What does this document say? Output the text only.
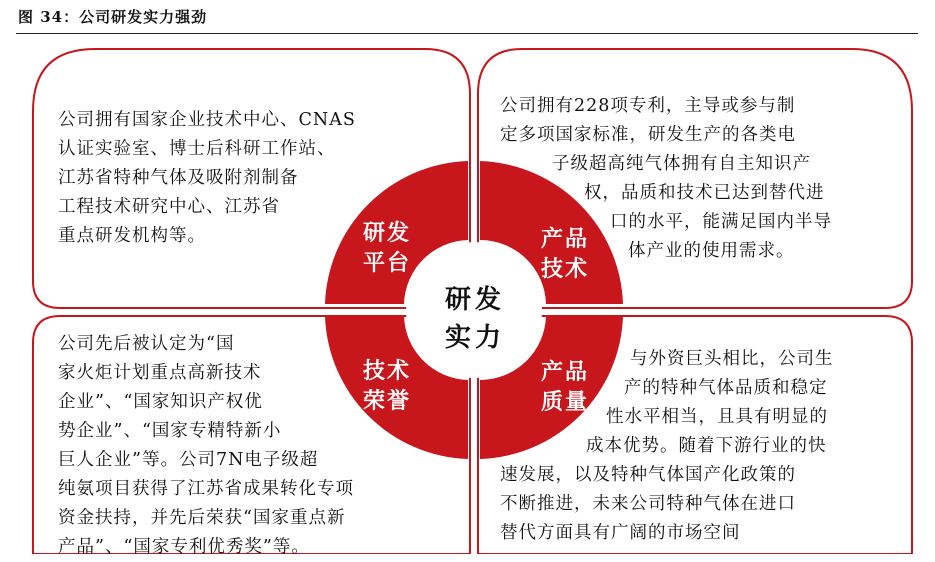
图 34：公司研发实力强劲
公司拥有国家企业技术中心、CNAS
认证实验室、博士后科研工作站、
江苏省特种气体及吸附剂制备
工程技术研究中心、江苏省
重点研发机构等。
公司拥有228项专利，主导或参与制
定多项国家标准，研发生产的各类电
子级超高纯气体拥有自主知识产
权，品质和技术已达到替代进
口的水平，能满足国内半导
体产业的使用需求。
公司先后被认定为“国
家火炬计划重点高新技术
企业”、“国家知识产权优
势企业”、“国家专精特新小
巨人企业”等。公司7N电子级超
纯氨项目获得了江苏省成果转化专项
资金扶持，并先后荣获“国家重点新
产品”、“国家专利优秀奖”等。
与外资巨头相比，公司生
产的特种气体品质和稳定
性水平相当，且具有明显的
成本优势。随着下游行业的快
速发展，以及特种气体国产化政策的
不断推进，未来公司特种气体在进口
替代方面具有广阔的市场空间
研发
平台
产品
技术
技术
荣誉
产品
质量
研发
实力
